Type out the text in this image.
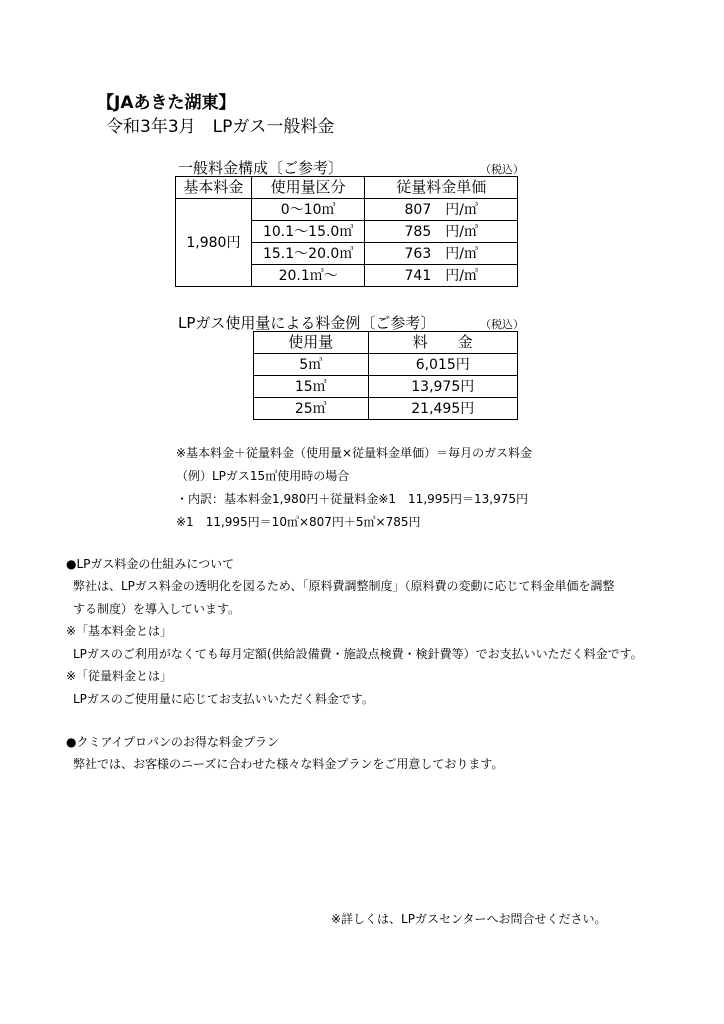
【JAあきた湖東】
令和3年3月　LPガス一般料金
一般料金構成〔ご参考〕	（税込）
基本料金	使用量区分	従量料金単価
1,980円	0～10㎥	807　円/㎥
	10.1～15.0㎥	785　円/㎥
	15.1～20.0㎥	763　円/㎥
	20.1㎥～	741　円/㎥
LPガス使用量による料金例〔ご参考〕	（税込）
使用量	料　　金
5㎥	6,015円
15㎥	13,975円
25㎥	21,495円
※基本料金＋従量料金（使用量×従量料金単価）＝毎月のガス料金
（例）LPガス15㎥使用時の場合
・内訳：基本料金1,980円＋従量料金※1　11,995円＝13,975円
※1　11,995円＝10㎥×807円＋5㎥×785円
●LPガス料金の仕組みについて
弊社は、LPガス料金の透明化を図るため、「原料費調整制度」（原料費の変動に応じて料金単価を調整
する制度）を導入しています。
※「基本料金とは」
LPガスのご利用がなくても毎月定額(供給設備費・施設点検費・検針費等）でお支払いいただく料金です。
※「従量料金とは」
LPガスのご使用量に応じてお支払いいただく料金です。
●クミアイプロパンのお得な料金プラン
弊社では、お客様のニーズに合わせた様々な料金プランをご用意しております。
※詳しくは、LPガスセンターへお問合せください。
